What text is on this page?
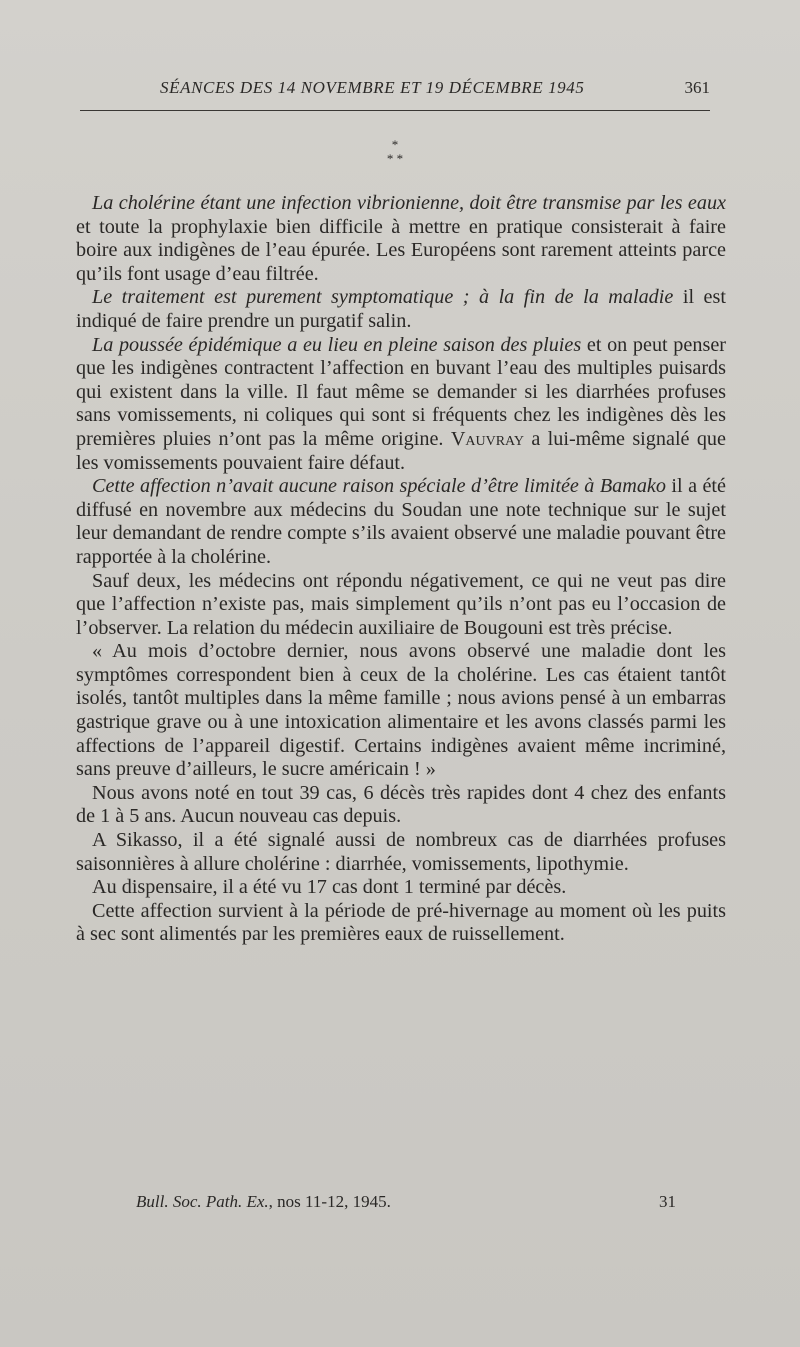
SÉANCES DES 14 NOVEMBRE ET 19 DÉCEMBRE 1945	361
*
* *

La cholérine étant une infection vibrionienne, doit être transmise par les eaux et toute la prophylaxie bien difficile à mettre en pratique consisterait à faire boire aux indigènes de l’eau épurée. Les Européens sont rarement atteints parce qu’ils font usage d’eau filtrée.

Le traitement est purement symptomatique ; à la fin de la maladie il est indiqué de faire prendre un purgatif salin.

La poussée épidémique a eu lieu en pleine saison des pluies et on peut penser que les indigènes contractent l’affection en buvant l’eau des multiples puisards qui existent dans la ville. Il faut même se demander si les diarrhées profuses sans vomissements, ni coliques qui sont si fréquents chez les indigènes dès les premières pluies n’ont pas la même origine. Vauvray a lui-même signalé que les vomissements pouvaient faire défaut.

Cette affection n’avait aucune raison spéciale d’être limitée à Bamako il a été diffusé en novembre aux médecins du Soudan une note technique sur le sujet leur demandant de rendre compte s’ils avaient observé une maladie pouvant être rapportée à la cholérine.

Sauf deux, les médecins ont répondu négativement, ce qui ne veut pas dire que l’affection n’existe pas, mais simplement qu’ils n’ont pas eu l’occasion de l’observer. La relation du médecin auxiliaire de Bougouni est très précise.

« Au mois d’octobre dernier, nous avons observé une maladie dont les symptômes correspondent bien à ceux de la cholérine. Les cas étaient tantôt isolés, tantôt multiples dans la même famille ; nous avions pensé à un embarras gastrique grave ou à une intoxication alimentaire et les avons classés parmi les affections de l’appareil digestif. Certains indigènes avaient même incriminé, sans preuve d’ailleurs, le sucre américain ! »

Nous avons noté en tout 39 cas, 6 décès très rapides dont 4 chez des enfants de 1 à 5 ans. Aucun nouveau cas depuis.

A Sikasso, il a été signalé aussi de nombreux cas de diarrhées profuses saisonnières à allure cholérine : diarrhée, vomissements, lipothymie.

Au dispensaire, il a été vu 17 cas dont 1 terminé par décès.

Cette affection survient à la période de pré-hivernage au moment où les puits à sec sont alimentés par les premières eaux de ruissellement.

Bull. Soc. Path. Ex., nos 11-12, 1945.	31
